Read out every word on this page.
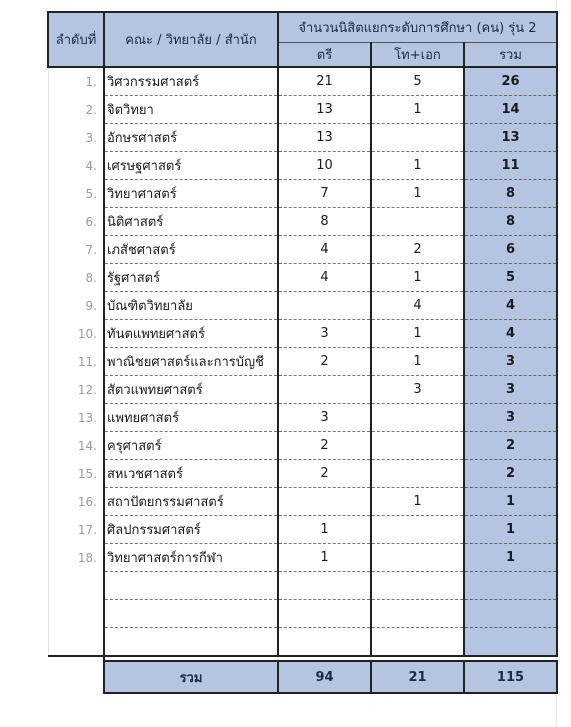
ลำดับที่	คณะ / วิทยาลัย / สำนัก	จำนวนนิสิตแยกระดับการศึกษา (คน) รุ่น 2		
		ตรี	โท+เอก	รวม
1.	วิศวกรรมศาสตร์	21	5	26
2.	จิตวิทยา	13	1	14
3.	อักษรศาสตร์	13		13
4.	เศรษฐศาสตร์	10	1	11
5.	วิทยาศาสตร์	7	1	8
6.	นิติศาสตร์	8		8
7.	เภสัชศาสตร์	4	2	6
8.	รัฐศาสตร์	4	1	5
9.	บัณฑิตวิทยาลัย		4	4
10.	ทันตแพทยศาสตร์	3	1	4
11.	พาณิชยศาสตร์และการบัญชี	2	1	3
12.	สัตวแพทยศาสตร์		3	3
13.	แพทยศาสตร์	3		3
14.	ครุศาสตร์	2		2
15.	สหเวชศาสตร์	2		2
16.	สถาปัตยกรรมศาสตร์		1	1
17.	ศิลปกรรมศาสตร์	1		1
18.	วิทยาศาสตร์การกีฬา	1		1

	รวม	94	21	115
